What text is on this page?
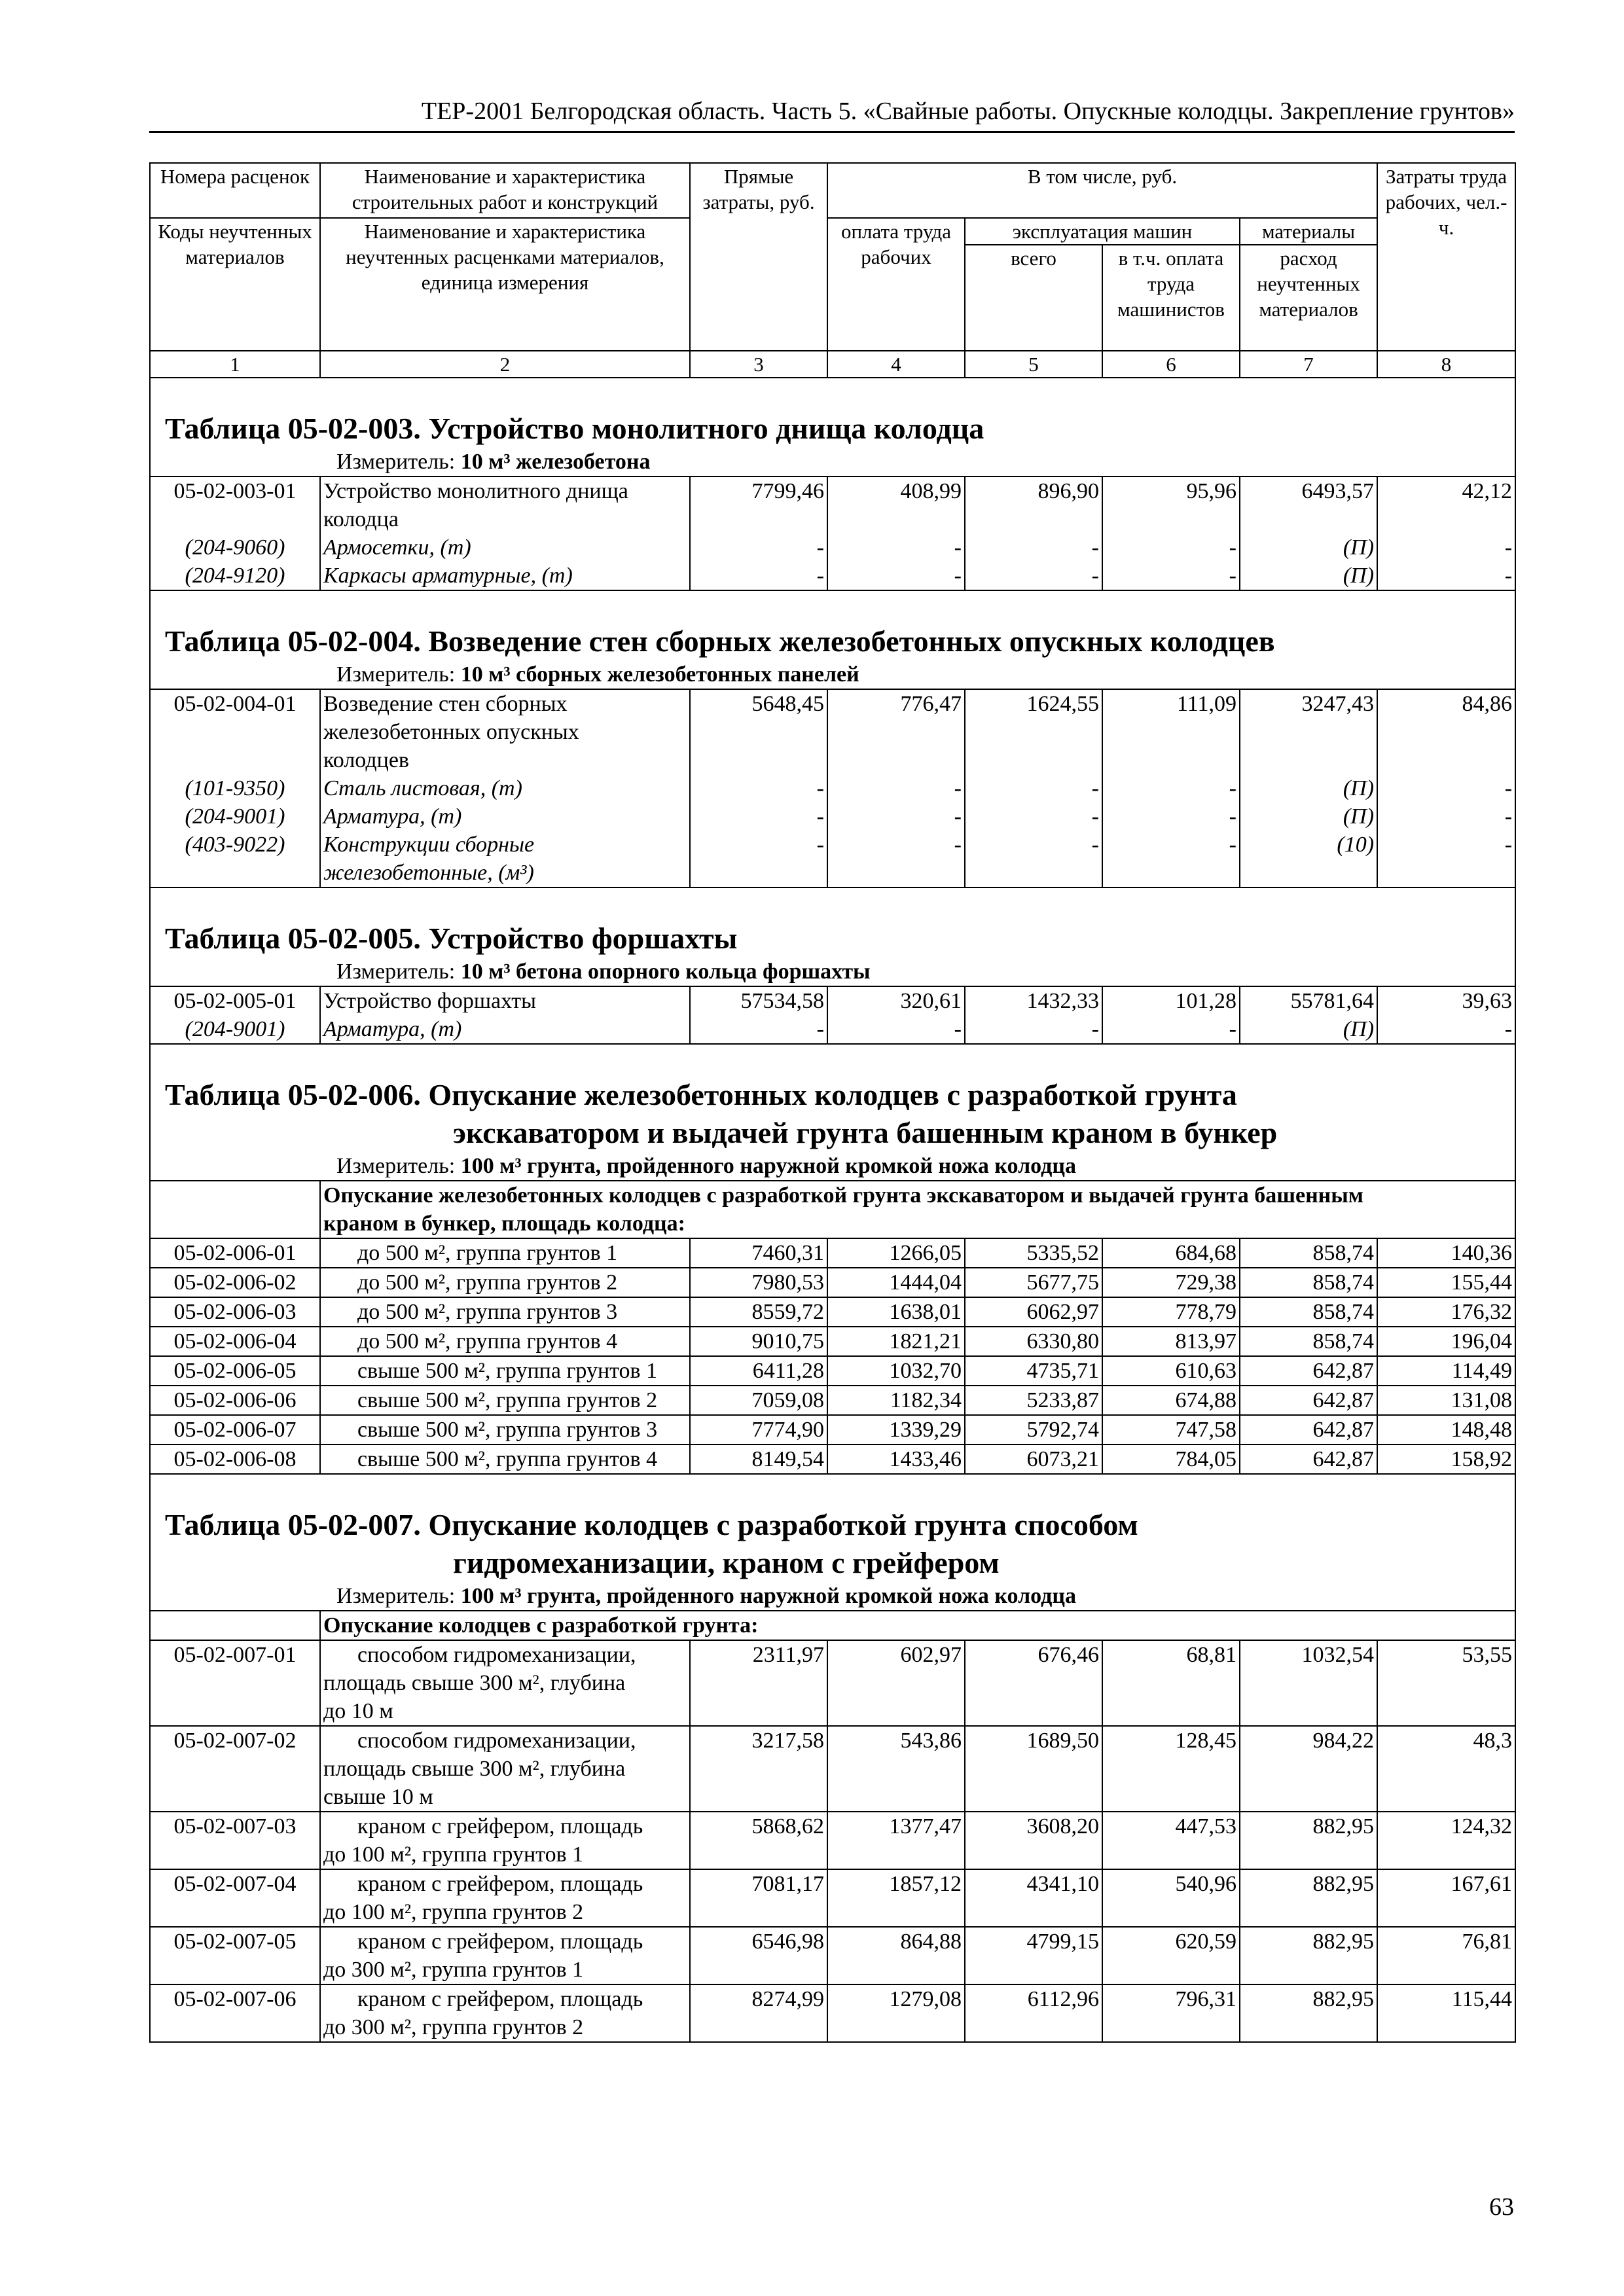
ТЕР-2001 Белгородская область. Часть 5. «Свайные работы. Опускные колодцы. Закрепление грунтов»
Номера расценок	Наименование и характеристика строительных работ и конструкций	Прямые затраты, руб.	В том числе, руб.				Затраты труда рабочих, чел.-ч.
Коды неучтенных материалов	Наименование и характеристика неучтенных расценками материалов, единица измерения		оплата труда рабочих	эксплуатация машин		материалы	
				всего	в т.ч. оплата труда машинистов	расход неучтенных материалов	

1	2	3	4	5	6	7	8
Таблица 05-02-003. Устройство монолитного днища колодца							
Измеритель: 10 м³ железобетона							
05-02-003-01	Устройство монолитного днища
колодца	7799,46	408,99	896,90	95,96	6493,57	42,12
(204-9060)	Армосетки, (т)	-	-	-	-	(П)	-
(204-9120)	Каркасы арматурные, (т)	-	-	-	-	(П)	-
Таблица 05-02-004. Возведение стен сборных железобетонных опускных колодцев							
Измеритель: 10 м³ сборных железобетонных панелей							
05-02-004-01	Возведение стен сборных
железобетонных опускных
колодцев	5648,45	776,47	1624,55	111,09	3247,43	84,86
(101-9350)	Сталь листовая, (т)	-	-	-	-	(П)	-
(204-9001)	Арматура, (т)	-	-	-	-	(П)	-
(403-9022)	Конструкции сборные
железобетонные, (м³)	-	-	-	-	(10)	-
Таблица 05-02-005. Устройство форшахты							
Измеритель: 10 м³ бетона опорного кольца форшахты							
05-02-005-01	Устройство форшахты	57534,58	320,61	1432,33	101,28	55781,64	39,63
(204-9001)	Арматура, (т)	-	-	-	-	(П)	-
Таблица 05-02-006. Опускание железобетонных колодцев с разработкой грунта
экскаватором и выдачей грунта башенным краном в бункер							

Измеритель: 100 м³ грунта, пройденного наружной кромкой ножа колодца							
	Опускание железобетонных колодцев с разработкой грунта экскаватором и выдачей грунта башенным
краном в бункер, площадь колодца:						
05-02-006-01	до 500 м², группа грунтов 1	7460,31	1266,05	5335,52	684,68	858,74	140,36
05-02-006-02	до 500 м², группа грунтов 2	7980,53	1444,04	5677,75	729,38	858,74	155,44
05-02-006-03	до 500 м², группа грунтов 3	8559,72	1638,01	6062,97	778,79	858,74	176,32
05-02-006-04	до 500 м², группа грунтов 4	9010,75	1821,21	6330,80	813,97	858,74	196,04
05-02-006-05	свыше 500 м², группа грунтов 1	6411,28	1032,70	4735,71	610,63	642,87	114,49
05-02-006-06	свыше 500 м², группа грунтов 2	7059,08	1182,34	5233,87	674,88	642,87	131,08
05-02-006-07	свыше 500 м², группа грунтов 3	7774,90	1339,29	5792,74	747,58	642,87	148,48
05-02-006-08	свыше 500 м², группа грунтов 4	8149,54	1433,46	6073,21	784,05	642,87	158,92
Таблица 05-02-007. Опускание колодцев с разработкой грунта способом
гидромеханизации, краном с грейфером							

Измеритель: 100 м³ грунта, пройденного наружной кромкой ножа колодца							
	Опускание колодцев с разработкой грунта:						
05-02-007-01	способом гидромеханизации,
площадь свыше 300 м², глубина
до 10 м	2311,97	602,97	676,46	68,81	1032,54	53,55
05-02-007-02	способом гидромеханизации,
площадь свыше 300 м², глубина
свыше 10 м	3217,58	543,86	1689,50	128,45	984,22	48,3
05-02-007-03	краном с грейфером, площадь
до 100 м², группа грунтов 1	5868,62	1377,47	3608,20	447,53	882,95	124,32
05-02-007-04	краном с грейфером, площадь
до 100 м², группа грунтов 2	7081,17	1857,12	4341,10	540,96	882,95	167,61
05-02-007-05	краном с грейфером, площадь
до 300 м², группа грунтов 1	6546,98	864,88	4799,15	620,59	882,95	76,81
05-02-007-06	краном с грейфером, площадь
до 300 м², группа грунтов 2	8274,99	1279,08	6112,96	796,31	882,95	115,44
63
